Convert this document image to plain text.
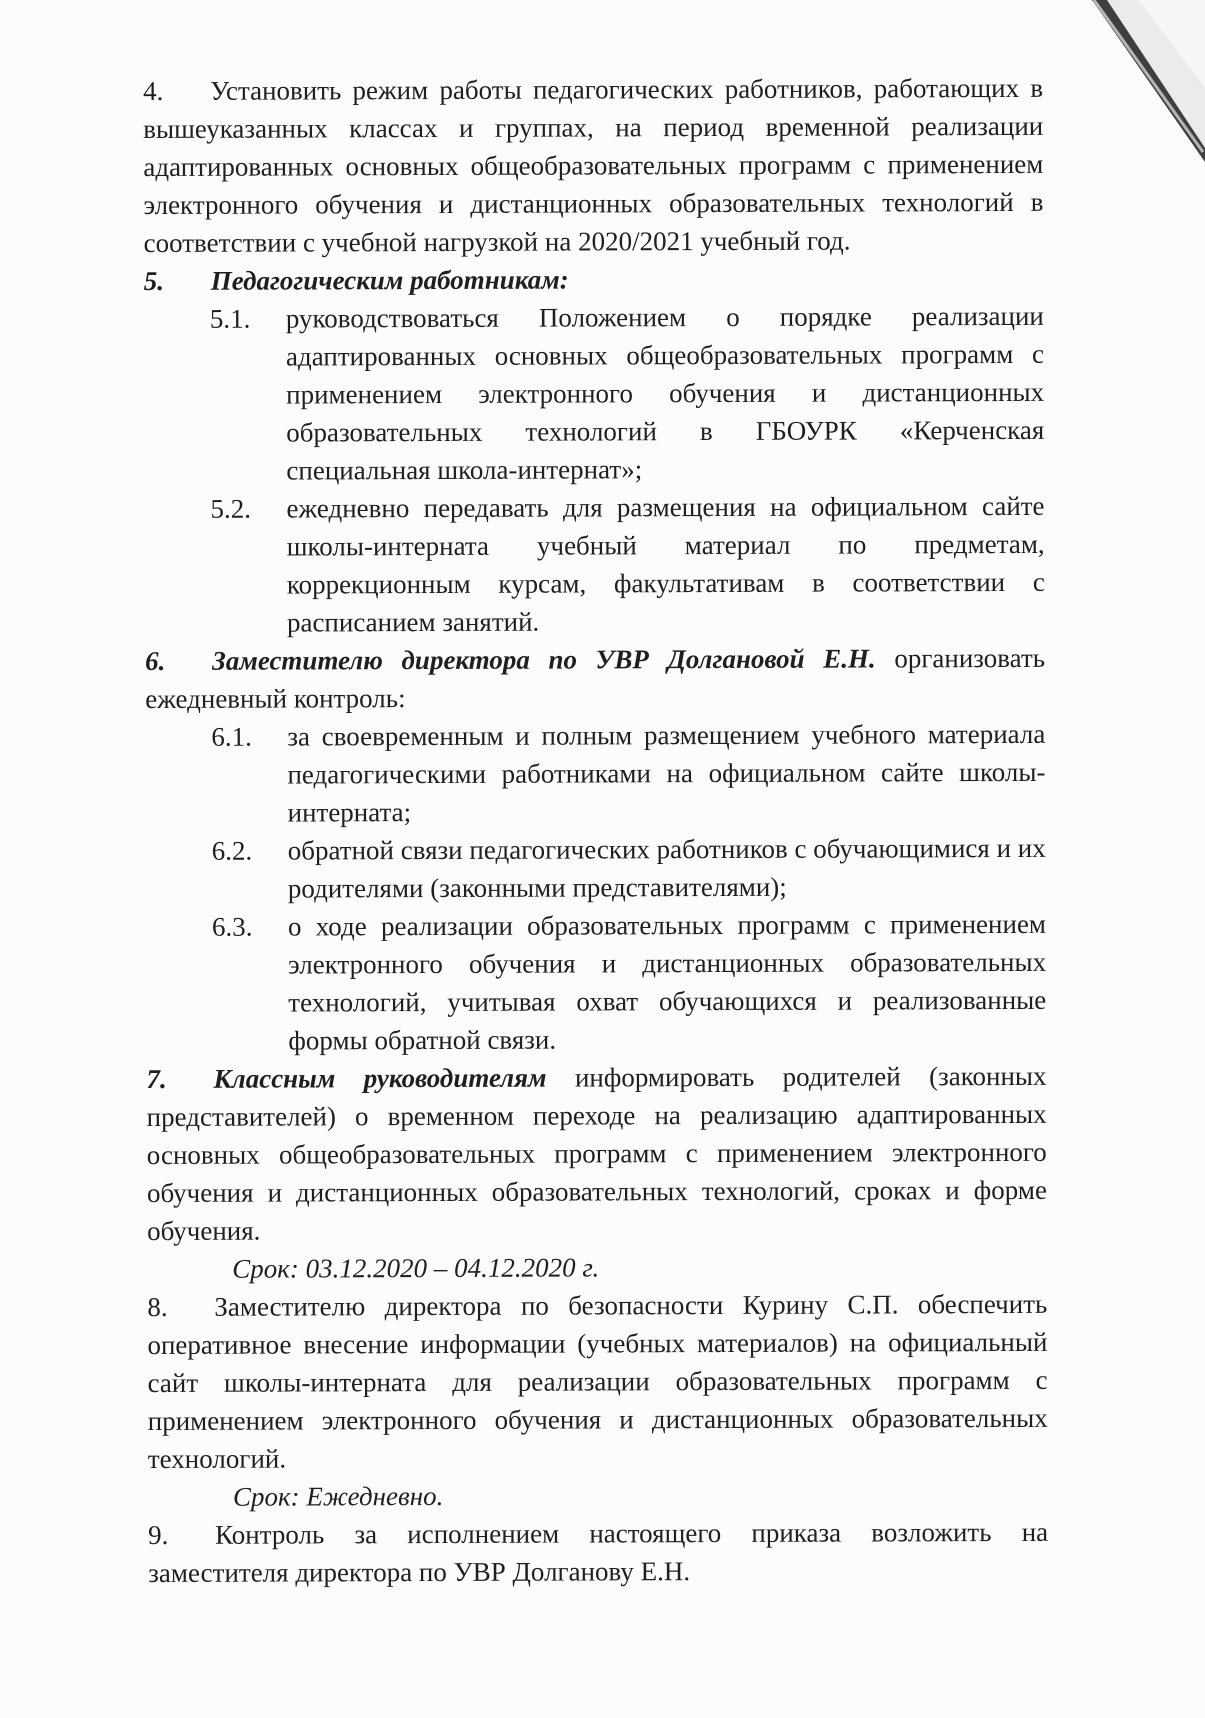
4.	Установить режим работы педагогических работников, работающих в
вышеуказанных классах и группах, на период временной реализации
адаптированных основных общеобразовательных программ с применением
электронного обучения и дистанционных образовательных технологий в
соответствии с учебной нагрузкой на 2020/2021 учебный год.
5.	Педагогическим работникам:
5.1. руководствоваться Положением о порядке реализации
адаптированных основных общеобразовательных программ с
применением электронного обучения и дистанционных
образовательных технологий в ГБОУРК «Керченская
специальная школа-интернат»;
5.2. ежедневно передавать для размещения на официальном сайте
школы-интерната учебный материал по предметам,
коррекционным курсам, факультативам в соответствии с
расписанием занятий.
6.	Заместителю директора по УВР Долгановой Е.Н. организовать
ежедневный контроль:
6.1. за своевременным и полным размещением учебного материала
педагогическими работниками на официальном сайте школы-
интерната;
6.2. обратной связи педагогических работников с обучающимися и их
родителями (законными представителями);
6.3. о ходе реализации образовательных программ с применением
электронного обучения и дистанционных образовательных
технологий, учитывая охват обучающихся и реализованные
формы обратной связи.
7.	Классным руководителям информировать родителей (законных
представителей) о временном переходе на реализацию адаптированных
основных общеобразовательных программ с применением электронного
обучения и дистанционных образовательных технологий, сроках и форме
обучения.
Срок: 03.12.2020 – 04.12.2020 г.
8.	Заместителю директора по безопасности Курину С.П. обеспечить
оперативное внесение информации (учебных материалов) на официальный
сайт школы-интерната для реализации образовательных программ с
применением электронного обучения и дистанционных образовательных
технологий.
Срок: Ежедневно.
9.	Контроль за исполнением настоящего приказа возложить на
заместителя директора по УВР Долганову Е.Н.
